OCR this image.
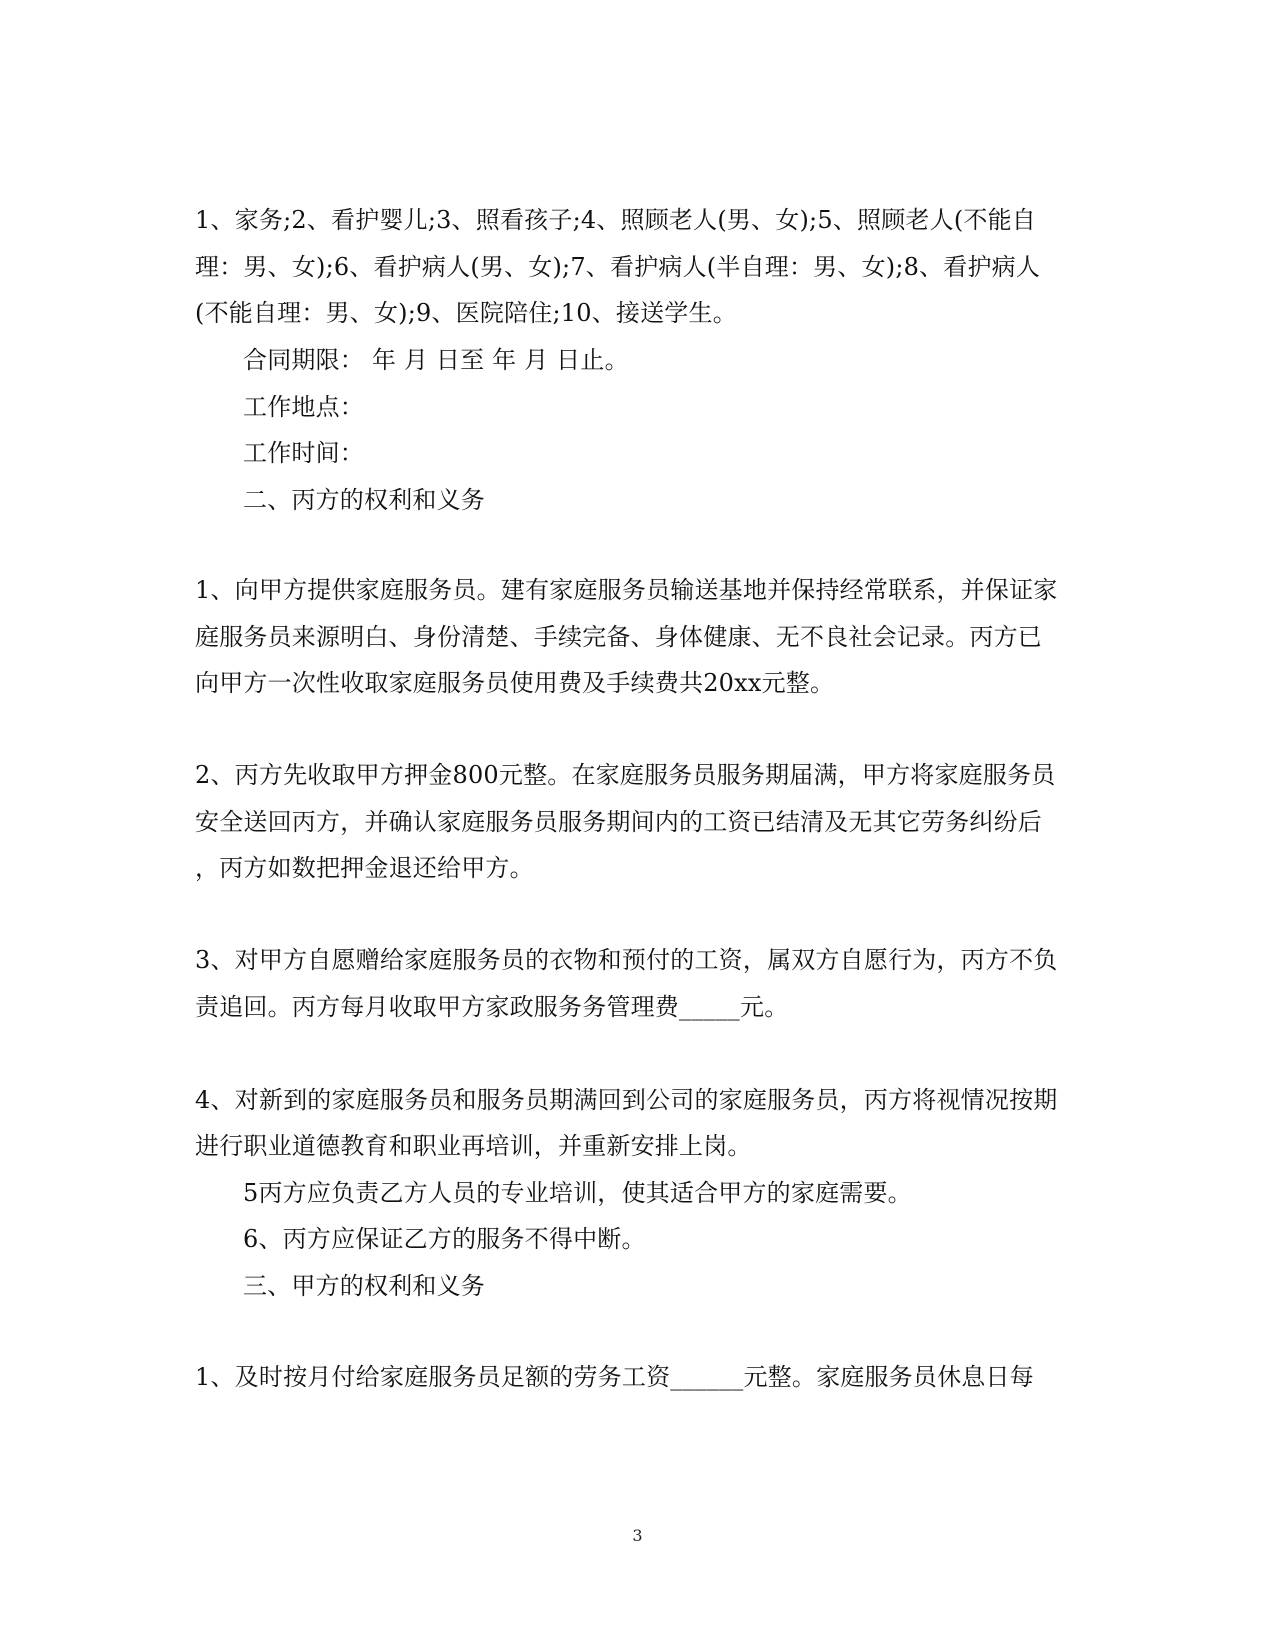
1、家务;2、看护婴儿;3、照看孩子;4、照顾老人(男、女);5、照顾老人(不能自
理：男、女);6、看护病人(男、女);7、看护病人(半自理：男、女);8、看护病人
(不能自理：男、女);9、医院陪住;10、接送学生。
合同期限： 年 月 日至 年 月 日止。
工作地点：
工作时间：
二、丙方的权利和义务
1、向甲方提供家庭服务员。建有家庭服务员输送基地并保持经常联系，并保证家
庭服务员来源明白、身份清楚、手续完备、身体健康、无不良社会记录。丙方已
向甲方一次性收取家庭服务员使用费及手续费共20xx元整。
2、丙方先收取甲方押金800元整。在家庭服务员服务期届满，甲方将家庭服务员
安全送回丙方，并确认家庭服务员服务期间内的工资已结清及无其它劳务纠纷后
，丙方如数把押金退还给甲方。
3、对甲方自愿赠给家庭服务员的衣物和预付的工资，属双方自愿行为，丙方不负
责追回。丙方每月收取甲方家政服务务管理费_____元。
4、对新到的家庭服务员和服务员期满回到公司的家庭服务员，丙方将视情况按期
进行职业道德教育和职业再培训，并重新安排上岗。
5丙方应负责乙方人员的专业培训，使其适合甲方的家庭需要。
6、丙方应保证乙方的服务不得中断。
三、甲方的权利和义务
1、及时按月付给家庭服务员足额的劳务工资______元整。家庭服务员休息日每
3
